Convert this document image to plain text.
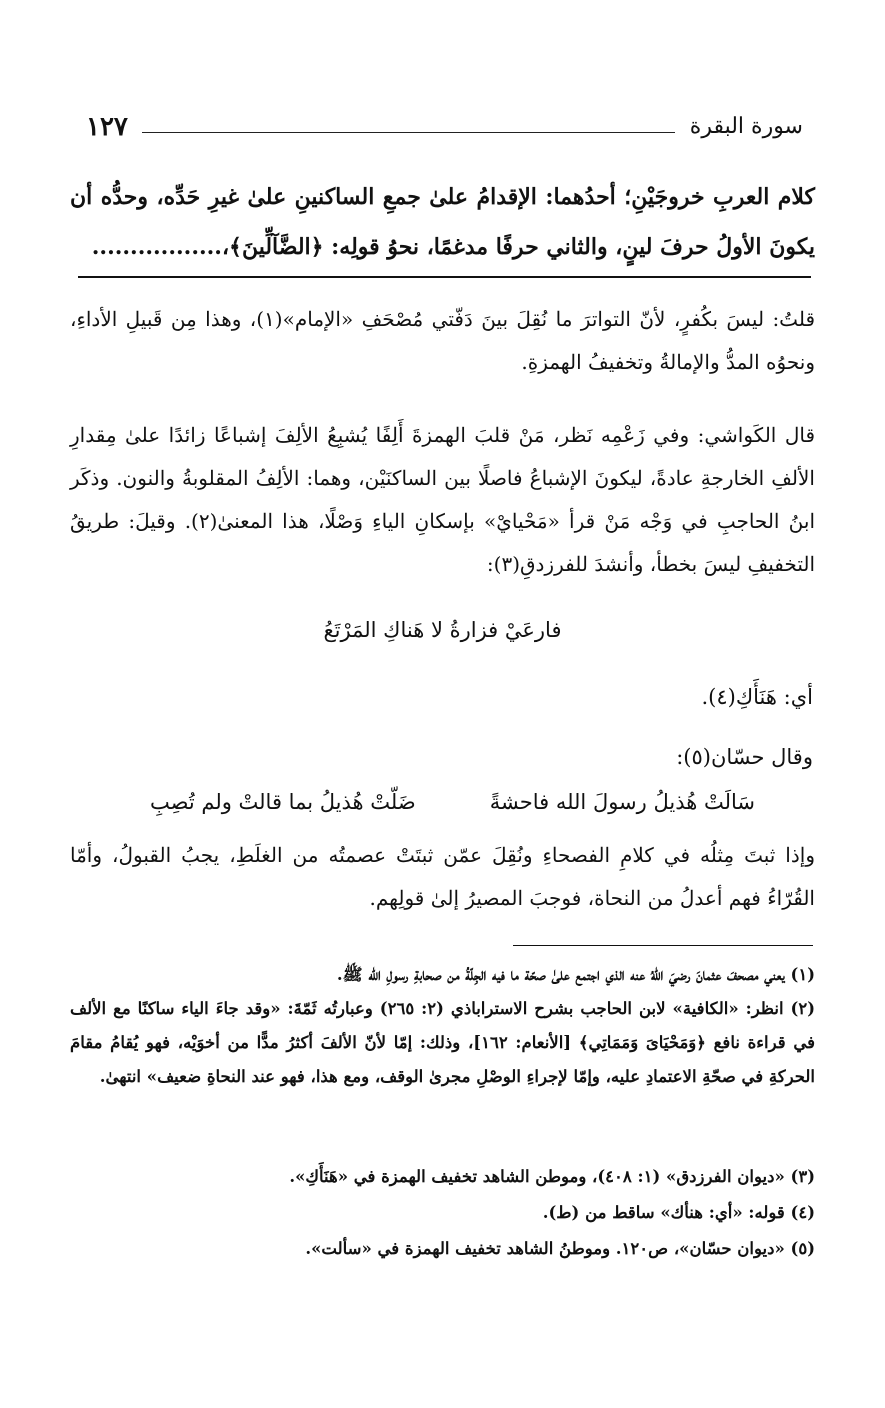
سورة البقرة
١٢٧
كلام العربِ خروجَيْنِ؛ أحدُهما: الإقدامُ علىٰ جمعِ الساكنينِ علىٰ غيرِ حَدِّه، وحدُّه أن يكونَ الأولُ حرفَ لينٍ، والثاني حرفًا مدغمًا، نحوُ قولِه: ﴿الضَّآلِّينَ﴾،.................
قلتُ: ليسَ بكُفرٍ، لأنّ التواترَ ما نُقِلَ بينَ دَفّتي مُصْحَفِ «الإمام»(١)، وهذا مِن قَبيلِ الأداءِ، ونحوُه المدُّ والإمالةُ وتخفيفُ الهمزةِ.
قال الكَواشي: وفي زَعْمِه نَظر، مَنْ قلبَ الهمزةَ أَلِفًا يُشبِعُ الألِفَ إشباعًا زائدًا علىٰ مِقدارِ الألفِ الخارجةِ عادةً، ليكونَ الإشباعُ فاصلًا بين الساكنَيْن، وهما: الألِفُ المقلوبةُ والنون. وذكَر ابنُ الحاجبِ في وَجْه مَنْ قرأ «مَحْيايْ» بإسكانِ الياءِ وَصْلًا، هذا المعنىٰ(٢). وقيلَ: طريقُ التخفيفِ ليسَ بخطأ، وأنشدَ للفرزدقِ(٣):
فارعَيْ فزارةُ لا هَناكِ المَرْتَعُ
أي: هَنَأَكِ(٤).
وقال حسّان(٥):
سَالَتْ هُذيلُ رسولَ الله فاحشةً
ضَلّتْ هُذيلُ بما قالتْ ولم تُصِبِ
وإذا ثبتَ مِثلُه في كلامِ الفصحاءِ ونُقِلَ عمّن ثبتَتْ عصمتُه من الغلَطِ، يجبُ القبولُ، وأمّا القُرّاءُ فهم أعدلُ من النحاة، فوجبَ المصيرُ إلىٰ قولِهم.
(١) يعني مصحفَ عثمانَ رضيَ اللهُ عنه الذي اجتمع علىٰ صحّة ما فيه الجِلّةُ من صحابةِ رسولِ الله ﷺ.
(٢) انظر: «الكافية» لابن الحاجب بشرح الاستراباذي (٢: ٢٦٥) وعبارتُه ثَمّةَ: «وقد جاءَ الياء ساكنًا مع الألف في قراءة نافع ﴿وَمَحْيَاىَ وَمَمَاتِي﴾ [الأنعام: ١٦٢]، وذلك: إمّا لأنّ الألفَ أكثرُ مدًّا من أخوَيْه، فهو يُقامُ مقامَ الحركةِ في صحّةِ الاعتمادِ عليه، وإمّا لإجراءِ الوصْلِ مجرىٰ الوقف، ومع هذا، فهو عند النحاةِ ضعيف» انتهىٰ.
(٣) «ديوان الفرزدق» (١: ٤٠٨)، وموطن الشاهد تخفيف الهمزة في «هَنَأَكِ».
(٤) قوله: «أي: هنأك» ساقط من (ط).
(٥) «ديوان حسّان»، ص١٢٠. وموطنُ الشاهد تخفيف الهمزة في «سألت».
